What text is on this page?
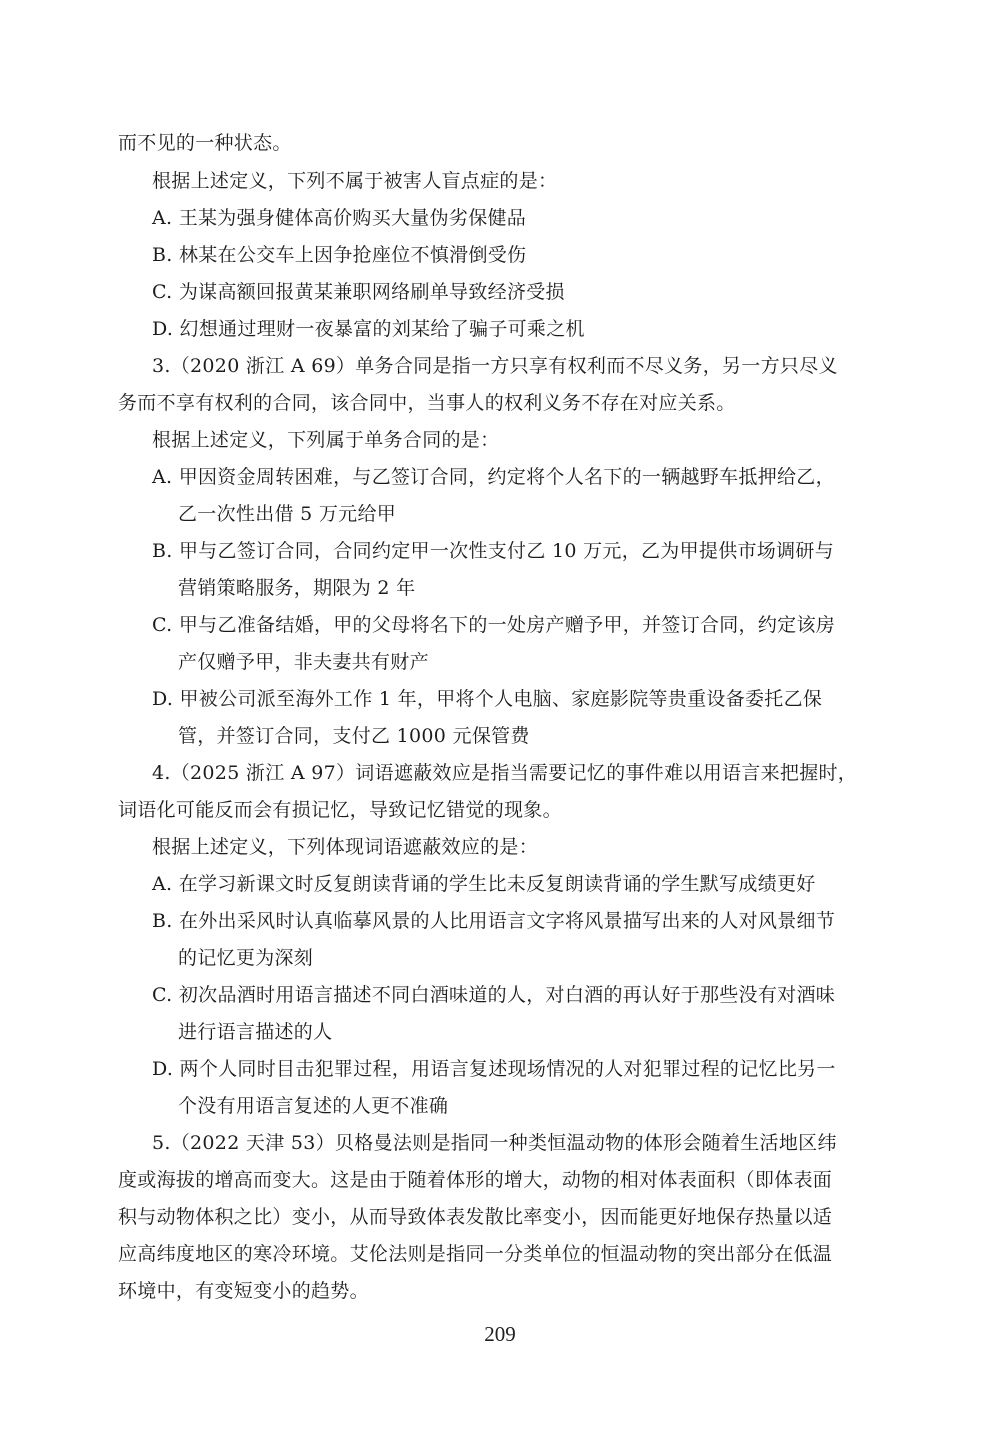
而不见的一种状态。
根据上述定义，下列不属于被害人盲点症的是：
A. 王某为强身健体高价购买大量伪劣保健品
B. 林某在公交车上因争抢座位不慎滑倒受伤
C. 为谋高额回报黄某兼职网络刷单导致经济受损
D. 幻想通过理财一夜暴富的刘某给了骗子可乘之机
3.（2020 浙江 A 69）单务合同是指一方只享有权利而不尽义务，另一方只尽义
务而不享有权利的合同，该合同中，当事人的权利义务不存在对应关系。
根据上述定义，下列属于单务合同的是：
A. 甲因资金周转困难，与乙签订合同，约定将个人名下的一辆越野车抵押给乙，
乙一次性出借 5 万元给甲
B. 甲与乙签订合同，合同约定甲一次性支付乙 10 万元，乙为甲提供市场调研与
营销策略服务，期限为 2 年
C. 甲与乙准备结婚，甲的父母将名下的一处房产赠予甲，并签订合同，约定该房
产仅赠予甲，非夫妻共有财产
D. 甲被公司派至海外工作 1 年，甲将个人电脑、家庭影院等贵重设备委托乙保
管，并签订合同，支付乙 1000 元保管费
4.（2025 浙江 A 97）词语遮蔽效应是指当需要记忆的事件难以用语言来把握时，
词语化可能反而会有损记忆，导致记忆错觉的现象。
根据上述定义，下列体现词语遮蔽效应的是：
A. 在学习新课文时反复朗读背诵的学生比未反复朗读背诵的学生默写成绩更好
B. 在外出采风时认真临摹风景的人比用语言文字将风景描写出来的人对风景细节
的记忆更为深刻
C. 初次品酒时用语言描述不同白酒味道的人，对白酒的再认好于那些没有对酒味
进行语言描述的人
D. 两个人同时目击犯罪过程，用语言复述现场情况的人对犯罪过程的记忆比另一
个没有用语言复述的人更不准确
5.（2022 天津 53）贝格曼法则是指同一种类恒温动物的体形会随着生活地区纬
度或海拔的增高而变大。这是由于随着体形的增大，动物的相对体表面积（即体表面
积与动物体积之比）变小，从而导致体表发散比率变小，因而能更好地保存热量以适
应高纬度地区的寒冷环境。艾伦法则是指同一分类单位的恒温动物的突出部分在低温
环境中，有变短变小的趋势。
209
